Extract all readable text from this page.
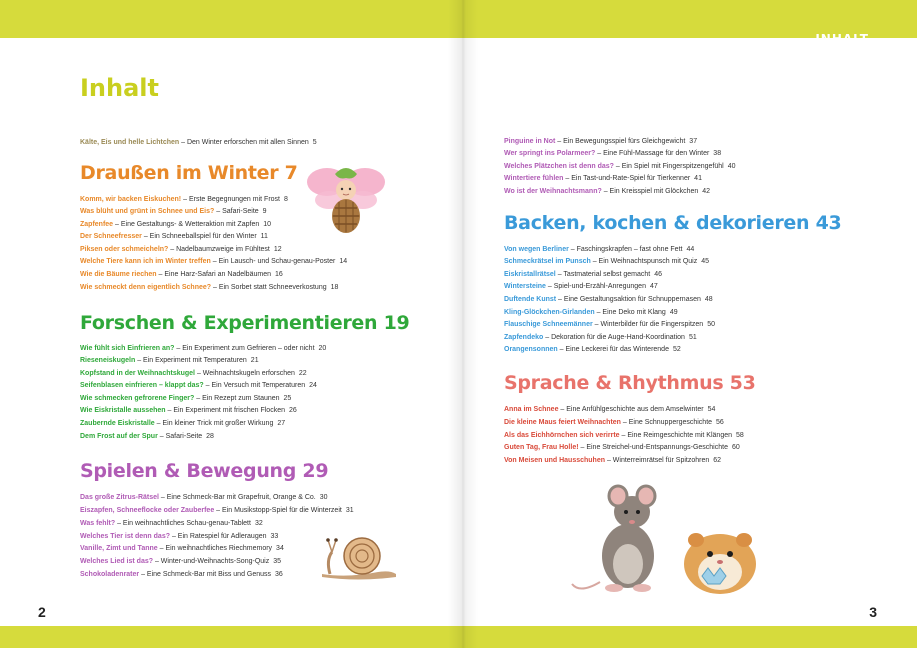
Inhalt

Kälte, Eis und helle Lichtchen – Den Winter erforschen mit allen Sinnen 5

Draußen im Winter 7

Komm, wir backen Eiskuchen! – Erste Begegnungen mit Frost 8

Was blüht und grünt in Schnee und Eis? – Safari-Seite 9

Zapfenfee – Eine Gestaltungs- & Wetteraktion mit Zapfen 10

Der Schneefresser – Ein Schneeballspiel für den Winter 11

Piksen oder schmeicheln? – Nadelbaumzweige im Fühltest 12

Welche Tiere kann ich im Winter treffen – Ein Lausch- und Schau-genau-Poster 14

Wie die Bäume riechen – Eine Harz-Safari an Nadelbäumen 16

Wie schmeckt denn eigentlich Schnee? – Ein Sorbet statt Schneeverkostung 18

Forschen & Experimentieren 19

Wie fühlt sich Einfrieren an? – Ein Experiment zum Gefrieren – oder nicht 20

Rieseneiskugeln – Ein Experiment mit Temperaturen 21

Kopfstand in der Weihnachtskugel – Weihnachtskugeln erforschen 22

Seifenblasen einfrieren – klappt das? – Ein Versuch mit Temperaturen 24

Wie schmecken gefrorene Finger? – Ein Rezept zum Staunen 25

Wie Eiskristalle aussehen – Ein Experiment mit frischen Flocken 26

Zaubernde Eiskristalle – Ein kleiner Trick mit großer Wirkung 27

Dem Frost auf der Spur – Safari-Seite 28

Spielen & Bewegung 29

Das große Zitrus-Rätsel – Eine Schmeck-Bar mit Grapefruit, Orange & Co. 30

Eiszapfen, Schneeflocke oder Zauberfee – Ein Musikstopp-Spiel für die Winterzeit 31

Was fehlt? – Ein weihnachtliches Schau-genau-Tablett 32

Welches Tier ist denn das? – Ein Ratespiel für Adleraugen 33

Vanille, Zimt und Tanne – Ein weihnachtliches Riechmemory 34

Welches Lied ist das? – Winter-und-Weihnachts-Song-Quiz 35

Schokoladenrater – Eine Schmeck-Bar mit Biss und Genuss 36

2
INHALT

Pinguine in Not – Ein Bewegungsspiel fürs Gleichgewicht 37

Wer springt ins Polarmeer? – Eine Fühl-Massage für den Winter 38

Welches Plätzchen ist denn das? – Ein Spiel mit Fingerspitzengefühl 40

Wintertiere fühlen – Ein Tast-und-Rate-Spiel für Tierkenner 41

Wo ist der Weihnachtsmann? – Ein Kreisspiel mit Glöckchen 42

Backen, kochen & dekorieren 43

Von wegen Berliner – Faschingskrapfen – fast ohne Fett 44

Schmeckrätsel im Punsch – Ein Weihnachtspunsch mit Quiz 45

Eiskristallrätsel – Tastmaterial selbst gemacht 46

Wintersteine – Spiel-und-Erzähl-Anregungen 47

Duftende Kunst – Eine Gestaltungsaktion für Schnuppernasen 48

Kling-Glöckchen-Girlanden – Eine Deko mit Klang 49

Flauschige Schneemänner – Winterbilder für die Fingerspitzen 50

Zapfendeko – Dekoration für die Auge-Hand-Koordination 51

Orangensonnen – Eine Leckerei für das Winterende 52

Sprache & Rhythmus 53

Anna im Schnee – Eine Anfühlgeschichte aus dem Amselwinter 54

Die kleine Maus feiert Weihnachten – Eine Schnuppergeschichte 56

Als das Eichhörnchen sich verirrte – Eine Reimgeschichte mit Klängen 58

Guten Tag, Frau Holle! – Eine Streichel-und-Entspannungs-Geschichte 60

Von Meisen und Hausschuhen – Winterreimrätsel für Spitzohren 62

3
